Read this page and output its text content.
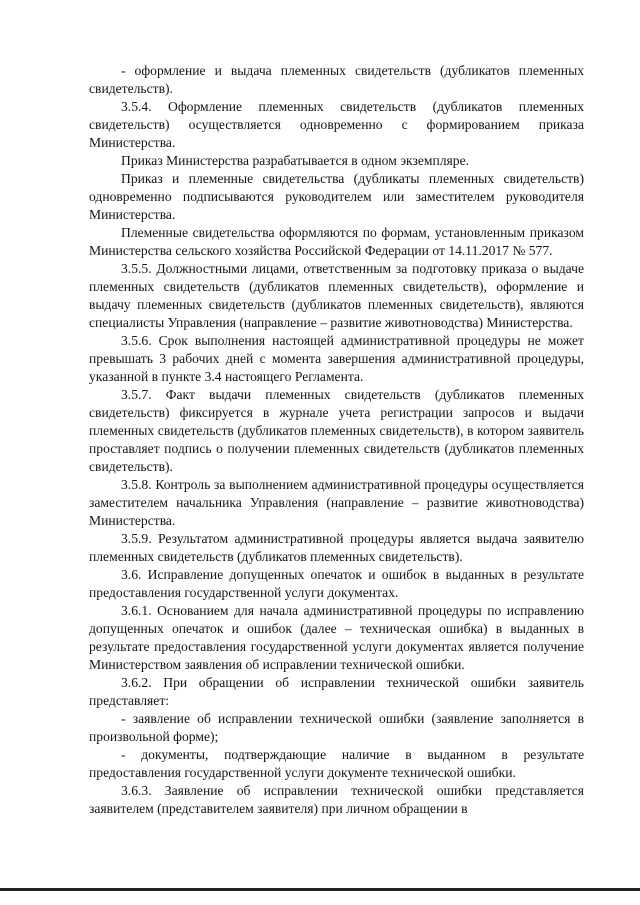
- оформление и выдача племенных свидетельств (дубликатов племенных свидетельств).

3.5.4. Оформление племенных свидетельств (дубликатов племенных свидетельств) осуществляется одновременно с формированием приказа Министерства.

Приказ Министерства разрабатывается в одном экземпляре.

Приказ и племенные свидетельства (дубликаты племенных свидетельств) одновременно подписываются руководителем или заместителем руководителя Министерства.

Племенные свидетельства оформляются по формам, установленным приказом Министерства сельского хозяйства Российской Федерации от 14.11.2017 № 577.

3.5.5. Должностными лицами, ответственным за подготовку приказа о выдаче племенных свидетельств (дубликатов племенных свидетельств), оформление и выдачу племенных свидетельств (дубликатов племенных свидетельств), являются специалисты Управления (направление – развитие животноводства) Министерства.

3.5.6. Срок выполнения настоящей административной процедуры не может превышать 3 рабочих дней с момента завершения административной процедуры, указанной в пункте 3.4 настоящего Регламента.

3.5.7. Факт выдачи племенных свидетельств (дубликатов племенных свидетельств) фиксируется в журнале учета регистрации запросов и выдачи племенных свидетельств (дубликатов племенных свидетельств), в котором заявитель проставляет подпись о получении племенных свидетельств (дубликатов племенных свидетельств).

3.5.8. Контроль за выполнением административной процедуры осуществляется заместителем начальника Управления (направление – развитие животноводства) Министерства.

3.5.9. Результатом административной процедуры является выдача заявителю племенных свидетельств (дубликатов племенных свидетельств).

3.6. Исправление допущенных опечаток и ошибок в выданных в результате предоставления государственной услуги документах.

3.6.1. Основанием для начала административной процедуры по исправлению допущенных опечаток и ошибок (далее – техническая ошибка) в выданных в результате предоставления государственной услуги документах является получение Министерством заявления об исправлении технической ошибки.

3.6.2. При обращении об исправлении технической ошибки заявитель представляет:

- заявление об исправлении технической ошибки (заявление заполняется в произвольной форме);

- документы, подтверждающие наличие в выданном в результате предоставления государственной услуги документе технической ошибки.

3.6.3. Заявление об исправлении технической ошибки представляется заявителем (представителем заявителя) при личном обращении в
